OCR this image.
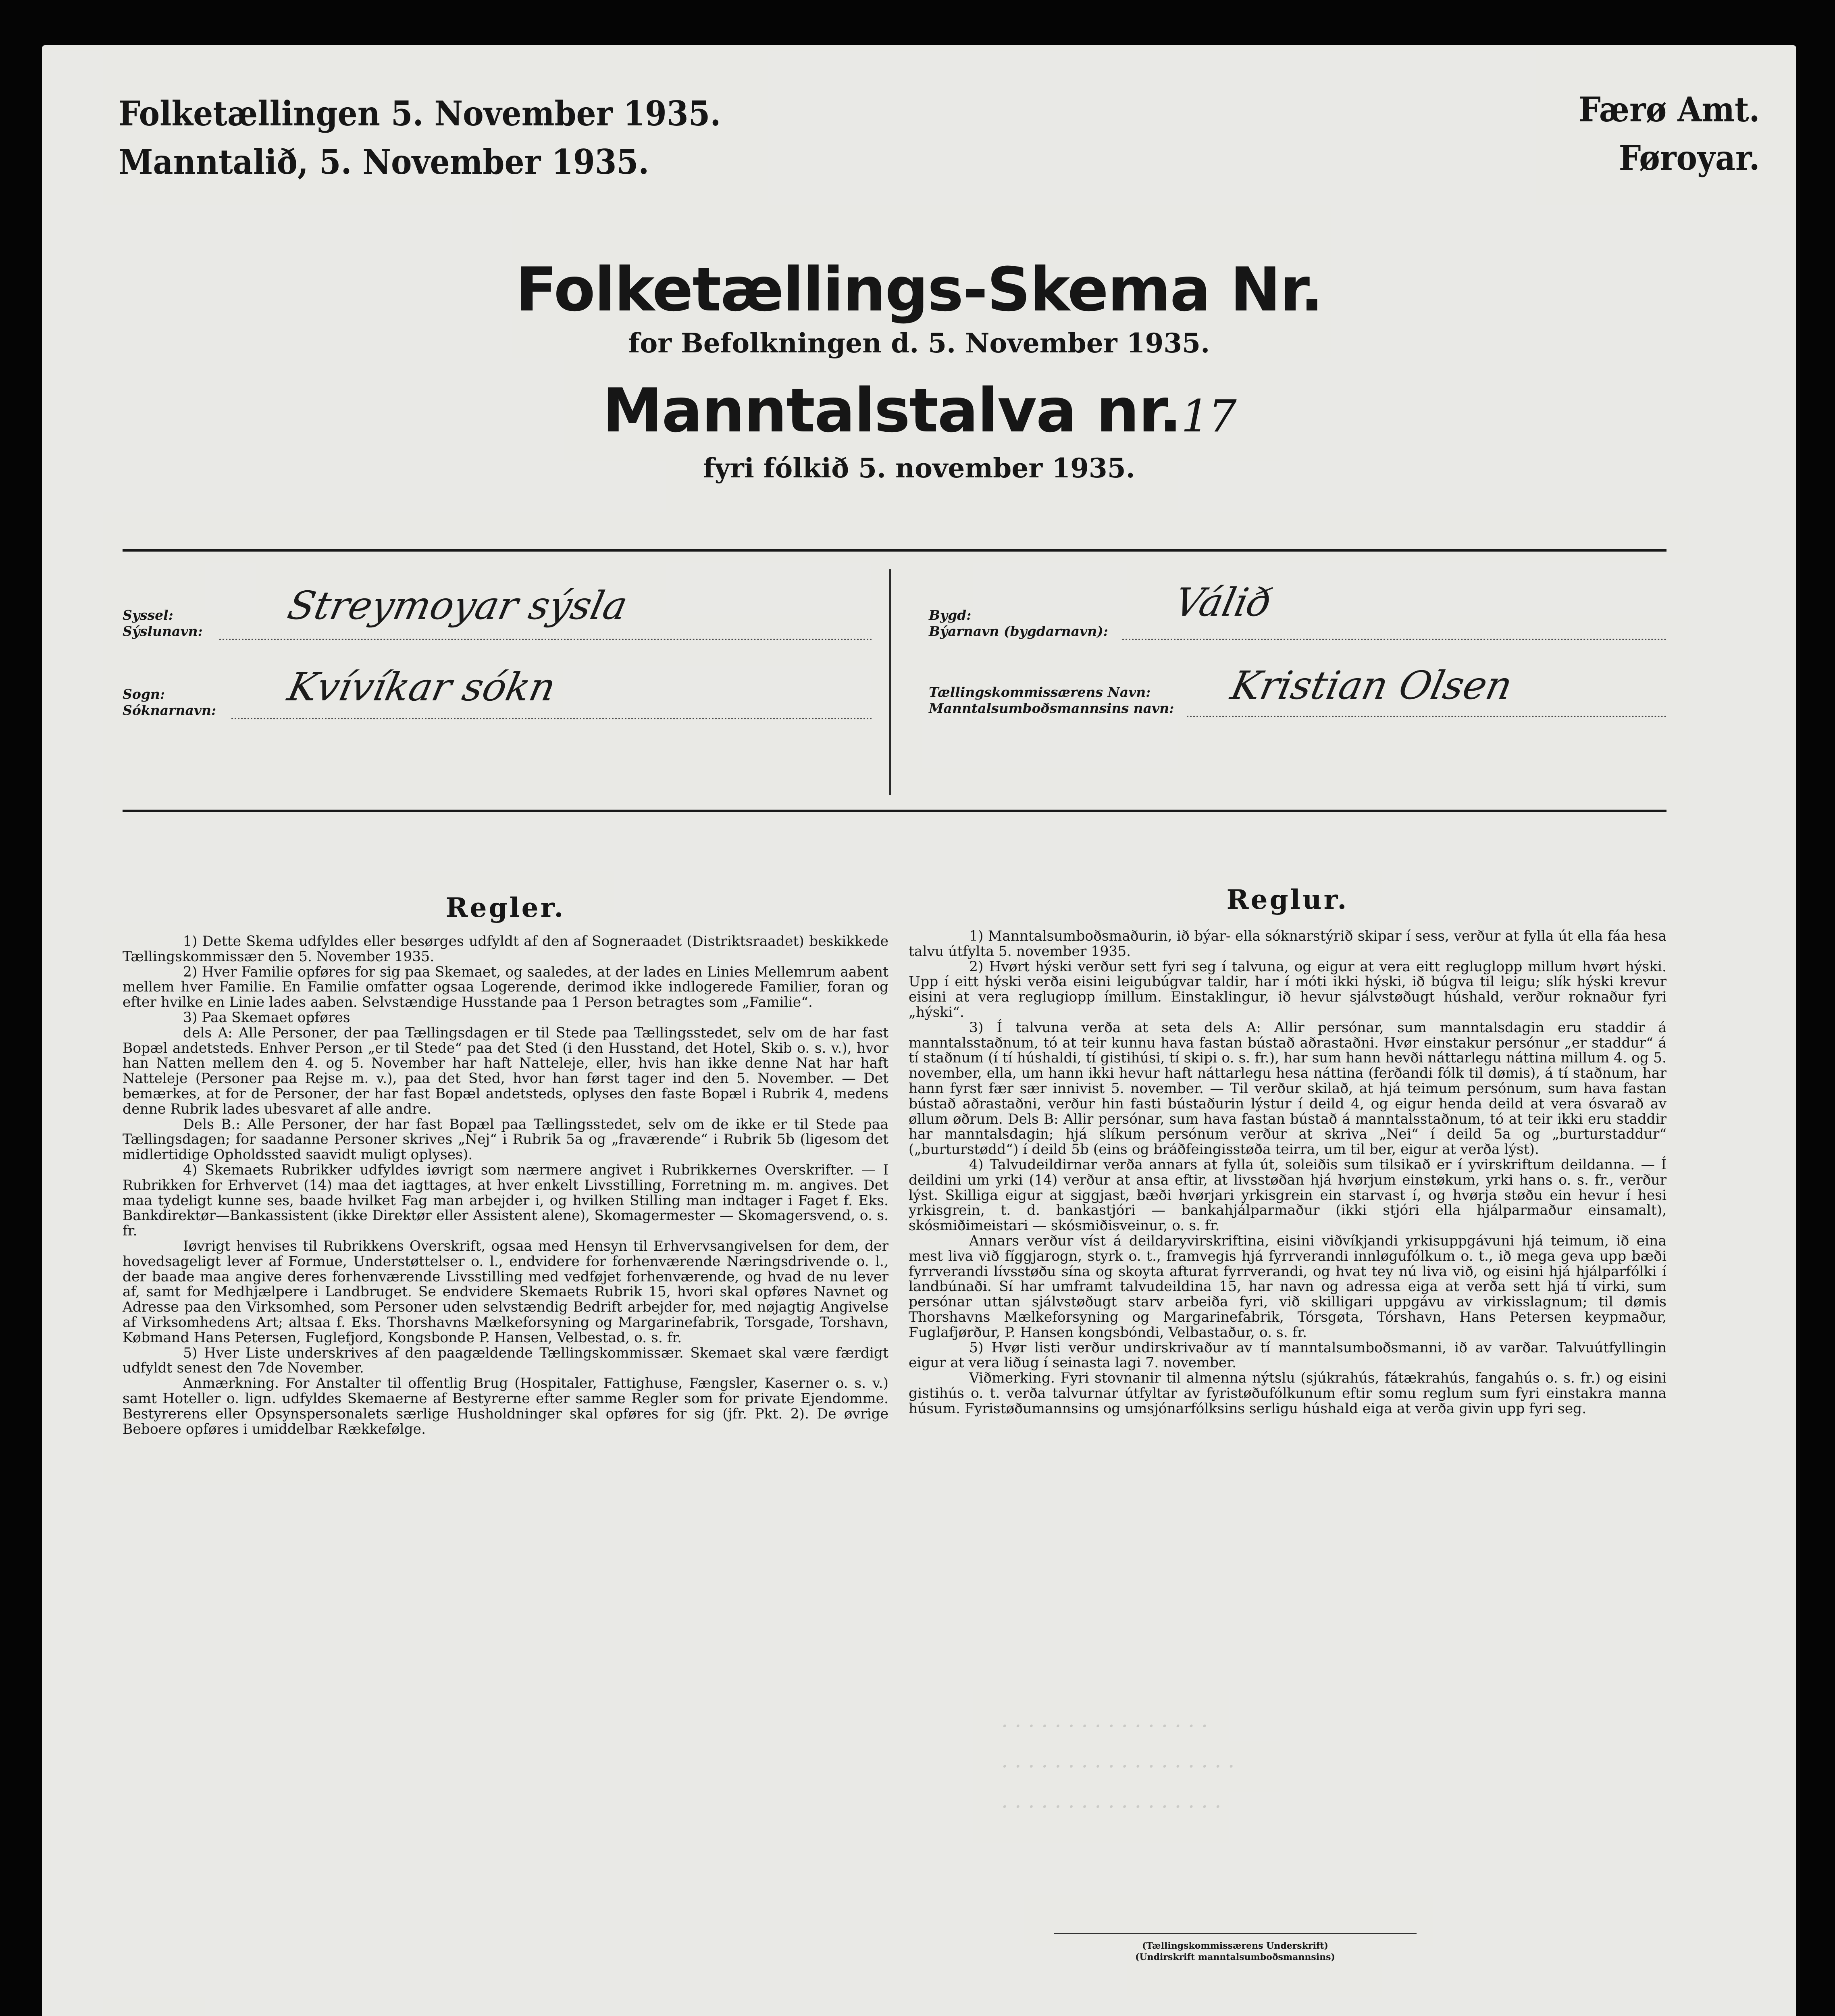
Folketællingen 5. November 1935.
Manntalið, 5. November 1935.
Færø Amt.
Føroyar.
Folketællings-Skema Nr.
for Befolkningen d. 5. November 1935.
Manntalstalva nr.17
fyri fólkið 5. november 1935.
Syssel:
Sýslunavn:
Streymoyar sýsla
Sogn:
Sóknarnavn:
Kvívíkar sókn
Bygd:
Býarnavn (bygdarnavn):
Válið
Tællingskommissærens Navn:
Manntalsumboðsmannsins navn:
Kristian Olsen
Regler.

1) Dette Skema udfyldes eller besørges udfyldt af den af Sogneraadet (Distriktsraadet) beskikkede Tællingskommissær den 5. November 1935.

2) Hver Familie opføres for sig paa Skemaet, og saaledes, at der lades en Linies Mellemrum aabent mellem hver Familie. En Familie omfatter ogsaa Logerende, derimod ikke indlogerede Familier, foran og efter hvilke en Linie lades aaben. Selvstændige Husstande paa 1 Person betragtes som „Familie“.

3) Paa Skemaet opføres

dels A: Alle Personer, der paa Tællingsdagen er til Stede paa Tællingsstedet, selv om de har fast Bopæl andetsteds. Enhver Person „er til Stede“ paa det Sted (i den Husstand, det Hotel, Skib o. s. v.), hvor han Natten mellem den 4. og 5. November har haft Natteleje, eller, hvis han ikke denne Nat har haft Natteleje (Personer paa Rejse m. v.), paa det Sted, hvor han først tager ind den 5. November. — Det bemærkes, at for de Personer, der har fast Bopæl andetsteds, oplyses den faste Bopæl i Rubrik 4, medens denne Rubrik lades ubesvaret af alle andre.

Dels B.: Alle Personer, der har fast Bopæl paa Tællingsstedet, selv om de ikke er til Stede paa Tællingsdagen; for saadanne Personer skrives „Nej“ i Rubrik 5a og „fraværende“ i Rubrik 5b (ligesom det midlertidige Opholdssted saavidt muligt oplyses).

4) Skemaets Rubrikker udfyldes iøvrigt som nærmere angivet i Rubrikkernes Overskrifter. — I Rubrikken for Erhvervet (14) maa det iagttages, at hver enkelt Livsstilling, Forretning m. m. angives. Det maa tydeligt kunne ses, baade hvilket Fag man arbejder i, og hvilken Stilling man indtager i Faget f. Eks. Bankdirektør—Bankassistent (ikke Direktør eller Assistent alene), Skomagermester — Skomagersvend, o. s. fr.

Iøvrigt henvises til Rubrikkens Overskrift, ogsaa med Hensyn til Erhvervsangivelsen for dem, der hovedsageligt lever af Formue, Understøttelser o. l., endvidere for forhenværende Næringsdrivende o. l., der baade maa angive deres forhenværende Livsstilling med vedføjet forhenværende, og hvad de nu lever af, samt for Medhjælpere i Landbruget. Se endvidere Skemaets Rubrik 15, hvori skal opføres Navnet og Adresse paa den Virksomhed, som Personer uden selvstændig Bedrift arbejder for, med nøjagtig Angivelse af Virksomhedens Art; altsaa f. Eks. Thorshavns Mælkeforsyning og Margarinefabrik, Torsgade, Torshavn, Købmand Hans Petersen, Fuglefjord, Kongsbonde P. Hansen, Velbestad, o. s. fr.

5) Hver Liste underskrives af den paagældende Tællingskommissær. Skemaet skal være færdigt udfyldt senest den 7de November.

Anmærkning. For Anstalter til offentlig Brug (Hospitaler, Fattighuse, Fængsler, Kaserner o. s. v.) samt Hoteller o. lign. udfyldes Skemaerne af Bestyrerne efter samme Regler som for private Ejendomme. Bestyrerens eller Opsynspersonalets særlige Husholdninger skal opføres for sig (jfr. Pkt. 2). De øvrige Beboere opføres i umiddelbar Rækkefølge.

Reglur.

1) Manntalsumboðsmaðurin, ið býar- ella sóknarstýrið skipar í sess, verður at fylla út ella fáa hesa talvu útfylta 5. november 1935.

2) Hvørt hýski verður sett fyri seg í talvuna, og eigur at vera eitt regluglopp millum hvørt hýski. Upp í eitt hýski verða eisini leigubúgvar taldir, har í móti ikki hýski, ið búgva til leigu; slík hýski krevur eisini at vera reglugiopp ímillum. Einstaklingur, ið hevur sjálvstøðugt húshald, verður roknaður fyri „hýski“.

3) Í talvuna verða at seta dels A: Allir persónar, sum manntalsdagin eru staddir á manntalsstaðnum, tó at teir kunnu hava fastan bústað aðrastaðni. Hvør einstakur persónur „er staddur“ á tí staðnum (í tí húshaldi, tí gistihúsi, tí skipi o. s. fr.), har sum hann hevði náttarlegu náttina millum 4. og 5. november, ella, um hann ikki hevur haft náttarlegu hesa náttina (ferðandi fólk til dømis), á tí staðnum, har hann fyrst fær sær innivist 5. november. — Til verður skilað, at hjá teimum persónum, sum hava fastan bústað aðrastaðni, verður hin fasti bústaðurin lýstur í deild 4, og eigur henda deild at vera ósvarað av øllum øðrum. Dels B: Allir persónar, sum hava fastan bústað á manntalsstaðnum, tó at teir ikki eru staddir har manntalsdagin; hjá slíkum persónum verður at skriva „Nei“ í deild 5a og „burturstaddur“ („burturstødd“) í deild 5b (eins og bráðfeingisstøða teirra, um til ber, eigur at verða lýst).

4) Talvudeildirnar verða annars at fylla út, soleiðis sum tilsikað er í yvirskriftum deildanna. — Í deildini um yrki (14) verður at ansa eftir, at livsstøðan hjá hvørjum einstøkum, yrki hans o. s. fr., verður lýst. Skilliga eigur at siggjast, bæði hvørjari yrkisgrein ein starvast í, og hvørja støðu ein hevur í hesi yrkisgrein, t. d. bankastjóri — bankahjálparmaður (ikki stjóri ella hjálparmaður einsamalt), skósmiðimeistari — skósmiðisveinur, o. s. fr.

Annars verður víst á deildaryvirskriftina, eisini viðvíkjandi yrkisuppgávuni hjá teimum, ið eina mest liva við fíggjarogn, styrk o. t., framvegis hjá fyrrverandi innløgufólkum o. t., ið mega geva upp bæði fyrrverandi lívsstøðu sína og skoyta afturat fyrrverandi, og hvat tey nú liva við, og eisini hjá hjálparfólki í landbúnaði. Sí har umframt talvudeildina 15, har navn og adressa eiga at verða sett hjá tí virki, sum persónar uttan sjálvstøðugt starv arbeiða fyri, við skilligari uppgávu av virkisslagnum; til dømis Thorshavns Mælkeforsyning og Margarinefabrik, Tórsgøta, Tórshavn, Hans Petersen keypmaður, Fuglafjørður, P. Hansen kongsbóndi, Velbastaður, o. s. fr.

5) Hvør listi verður undirskrivaður av tí manntalsumboðsmanni, ið av varðar. Talvuútfyllingin eigur at vera liðug í seinasta lagi 7. november.

Viðmerking. Fyri stovnanir til almenna nýtslu (sjúkrahús, fátækrahús, fangahús o. s. fr.) og eisini gistihús o. t. verða talvurnar útfyltar av fyristøðufólkunum eftir somu reglum sum fyri einstakra manna húsum. Fyristøðumannsins og umsjónarfólksins serligu húshald eiga at verða givin upp fyri seg.

· · · · · · · · · · · · · · · ·
· · · · · · · · · · · · · · · · · ·
· · · · · · · · · · · · · · · · ·
(Tællingskommissærens Underskrift)
(Undirskrift manntalsumboðsmannsins)
